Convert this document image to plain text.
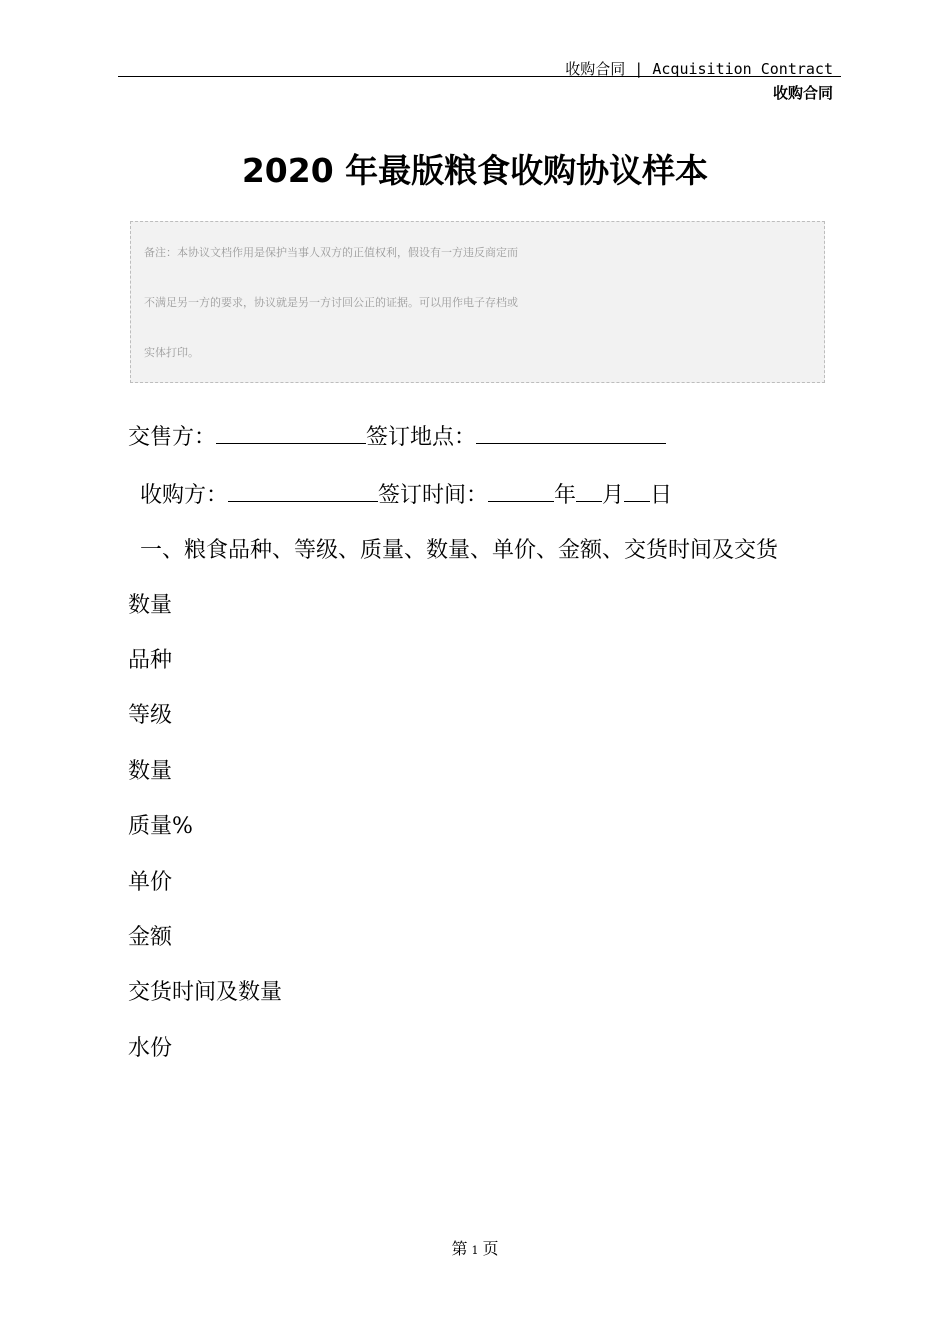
收购合同 | Acquisition Contract
收购合同
2020 年最版粮食收购协议样本
备注：本协议文档作用是保护当事人双方的正值权利，假设有一方违反商定而
不满足另一方的要求，协议就是另一方讨回公正的证据。可以用作电子存档或
实体打印。
交售方：	签订地点：
收购方：	签订时间：	年 月 日
一、粮食品种、等级、质量、数量、单价、金额、交货时间及交货
数量
品种
等级
数量
质量%
单价
金额
交货时间及数量
水份
第 1 页
